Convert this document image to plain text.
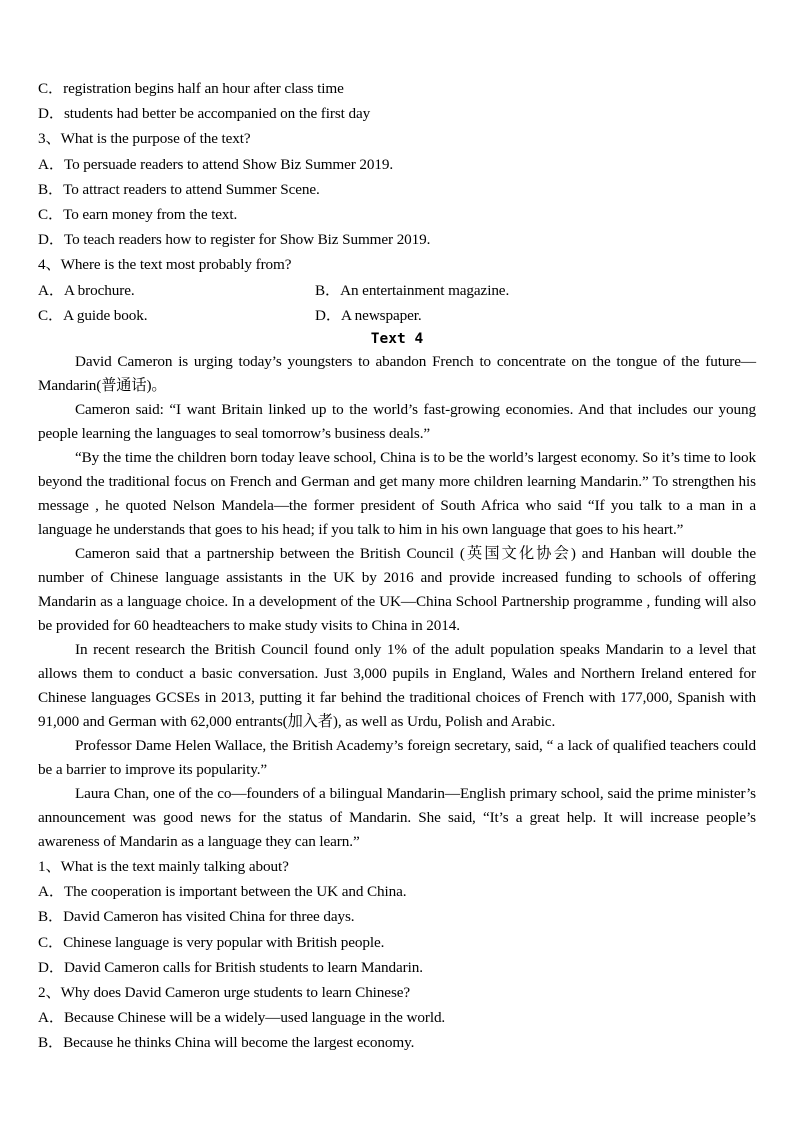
C．registration begins half an hour after class time
D．students had better be accompanied on the first day
3、What is the purpose of the text?
A．To persuade readers to attend Show Biz Summer 2019.
B．To attract readers to attend Summer Scene.
C．To earn money from the text.
D．To teach readers how to register for Show Biz Summer 2019.
4、Where is the text most probably from?
A．A brochure.	B．An entertainment magazine.
C．A guide book.	D．A newspaper.
Text 4

David Cameron is urging today’s youngsters to abandon French to concentrate on the tongue of the future—Mandarin(普通话)。

Cameron said: “I want Britain linked up to the world’s fast-growing economies. And that includes our young people learning the languages to seal tomorrow’s business deals.”

“By the time the children born today leave school, China is to be the world’s largest economy. So it’s time to look beyond the traditional focus on French and German and get many more children learning Mandarin.” To strengthen his message , he quoted Nelson Mandela—the former president of South Africa who said “If you talk to a man in a language he understands that goes to his head; if you talk to him in his own language that goes to his heart.”

Cameron said that a partnership between the British Council (英国文化协会) and Hanban will double the number of Chinese language assistants in the UK by 2016 and provide increased funding to schools of offering Mandarin as a language choice. In a development of the UK—China School Partnership programme , funding will also be provided for 60 headteachers to make study visits to China in 2014.

In recent research the British Council found only 1% of the adult population speaks Mandarin to a level that allows them to conduct a basic conversation. Just 3,000 pupils in England, Wales and Northern Ireland entered for Chinese languages GCSEs in 2013, putting it far behind the traditional choices of French with 177,000, Spanish with 91,000 and German with 62,000 entrants(加入者), as well as Urdu, Polish and Arabic.

Professor Dame Helen Wallace, the British Academy’s foreign secretary, said, “ a lack of qualified teachers could be a barrier to improve its popularity.”

Laura Chan, one of the co—founders of a bilingual Mandarin—English primary school, said the prime minister’s announcement was good news for the status of Mandarin. She said, “It’s a great help. It will increase people’s awareness of Mandarin as a language they can learn.”

1、What is the text mainly talking about?
A．The cooperation is important between the UK and China.
B．David Cameron has visited China for three days.
C．Chinese language is very popular with British people.
D．David Cameron calls for British students to learn Mandarin.
2、Why does David Cameron urge students to learn Chinese?
A．Because Chinese will be a widely—used language in the world.
B．Because he thinks China will become the largest economy.
